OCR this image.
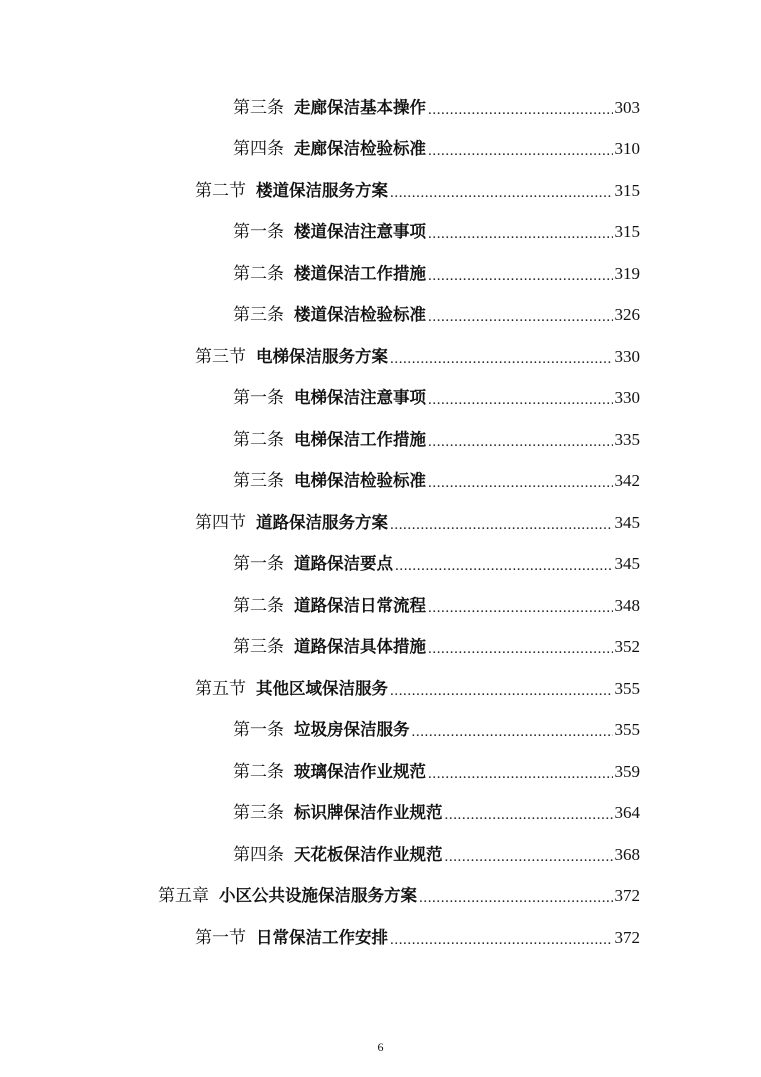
第三条 走廊保洁基本操作 .....	303
第四条 走廊保洁检验标准 .....	310
第二节 楼道保洁服务方案 .....	315
第一条 楼道保洁注意事项 .....	315
第二条 楼道保洁工作措施 .....	319
第三条 楼道保洁检验标准 .....	326
第三节 电梯保洁服务方案 .....	330
第一条 电梯保洁注意事项 .....	330
第二条 电梯保洁工作措施 .....	335
第三条 电梯保洁检验标准 .....	342
第四节 道路保洁服务方案 .....	345
第一条 道路保洁要点 .....	345
第二条 道路保洁日常流程 .....	348
第三条 道路保洁具体措施 .....	352
第五节 其他区域保洁服务 .....	355
第一条 垃圾房保洁服务 .....	355
第二条 玻璃保洁作业规范 .....	359
第三条 标识牌保洁作业规范 .....	364
第四条 天花板保洁作业规范 .....	368
第五章 小区公共设施保洁服务方案 .....	372
第一节 日常保洁工作安排 .....	372
6
